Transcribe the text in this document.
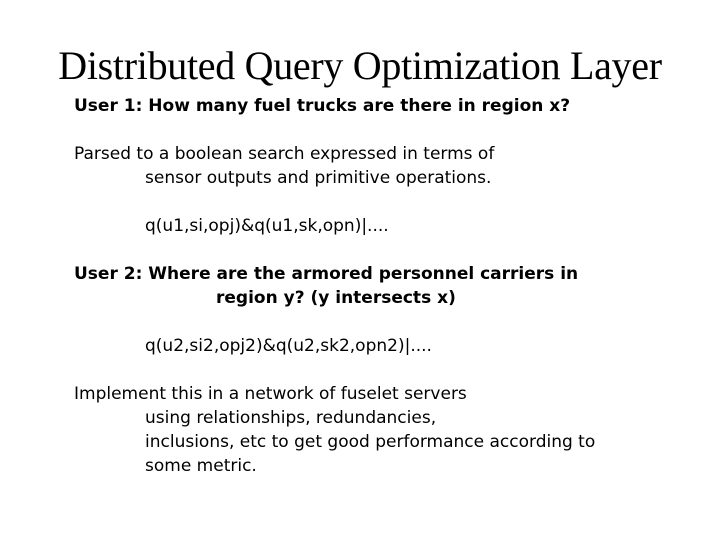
Distributed Query Optimization Layer
User 1: How many fuel trucks are there in region x?
Parsed to a boolean search expressed in terms of
sensor outputs and primitive operations.
q(u1,si,opj)&q(u1,sk,opn)|....
User 2: Where are the armored personnel carriers in
region y? (y intersects x)
q(u2,si2,opj2)&q(u2,sk2,opn2)|....
Implement this in a network of fuselet servers
using relationships, redundancies,
inclusions, etc to get good performance according to
some metric.
